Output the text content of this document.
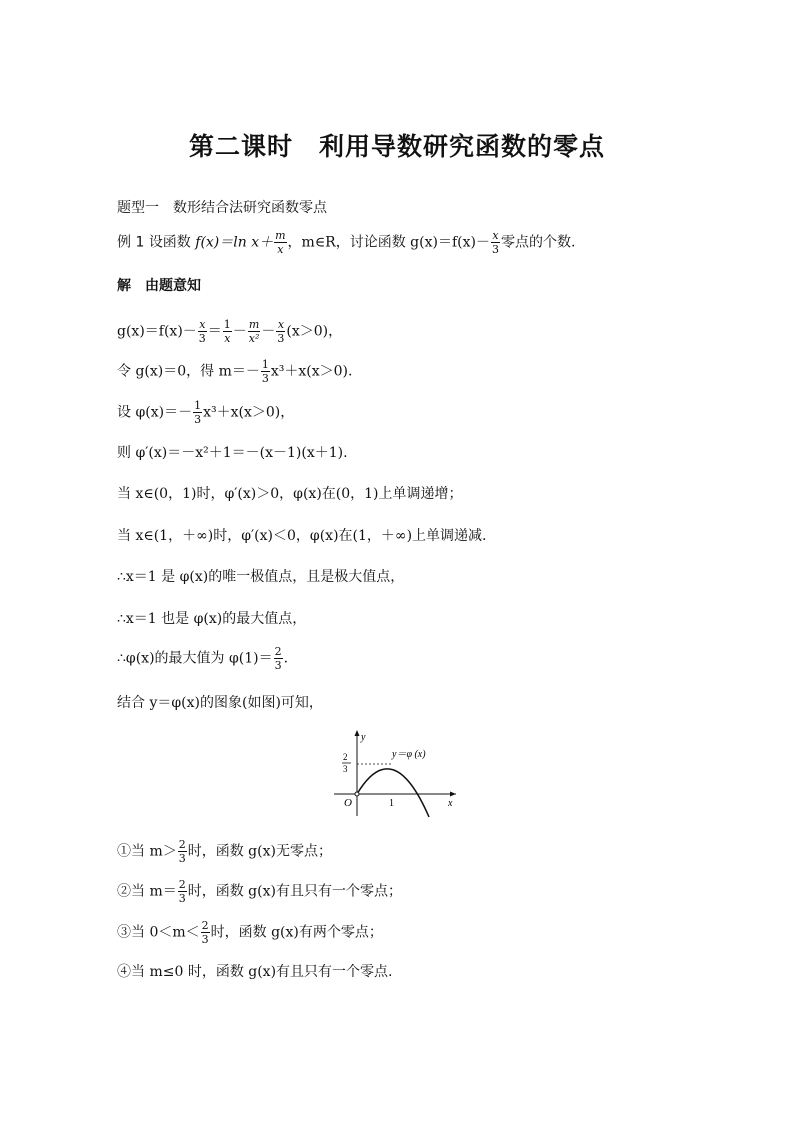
第二课时　利用导数研究函数的零点
题型一　数形结合法研究函数零点
例 1 设函数 f(x)＝ln $x+ \frac{m}{x}$ ，m∈R，讨论函数 $g(x)=f(x)- \frac{x}{3}$ 零点的个数.
解　由题意知
$g(x)=f(x)- \frac{x}{3} = \frac{1}{x} - \frac{m}{\text{x²}} - \frac{x}{3} (x>0)$，
令 g(x)＝0，得 $m=- \frac{1}{3} x^3+x(x>0)$.
设 $\varphi(x)=- \frac{1}{3} x^3+x(x>0)$，
则 φ′(x)＝－x²＋1＝－(x－1)(x＋1).
当 x∈(0，1)时，φ′(x)＞0，φ(x)在(0，1)上单调递增；
当 x∈(1，＋∞)时，φ′(x)＜0，φ(x)在(1，＋∞)上单调递减.
∴x＝1 是 φ(x)的唯一极值点，且是极大值点，
∴x＝1 也是 φ(x)的最大值点，
∴φ(x)的最大值为 $\varphi(1)= \frac{2}{3}$ .
结合 y＝φ(x)的图象(如图)可知，
y
x
O	1
2
3
y＝φ (x)
①当 $m> \frac{2}{3}$ 时，函数 g(x)无零点；
②当 $m= \frac{2}{3}$ 时，函数 g(x)有且只有一个零点；
③当 $0<m< \frac{2}{3}$ 时，函数 g(x)有两个零点；
④当 m≤0 时，函数 g(x)有且只有一个零点.
